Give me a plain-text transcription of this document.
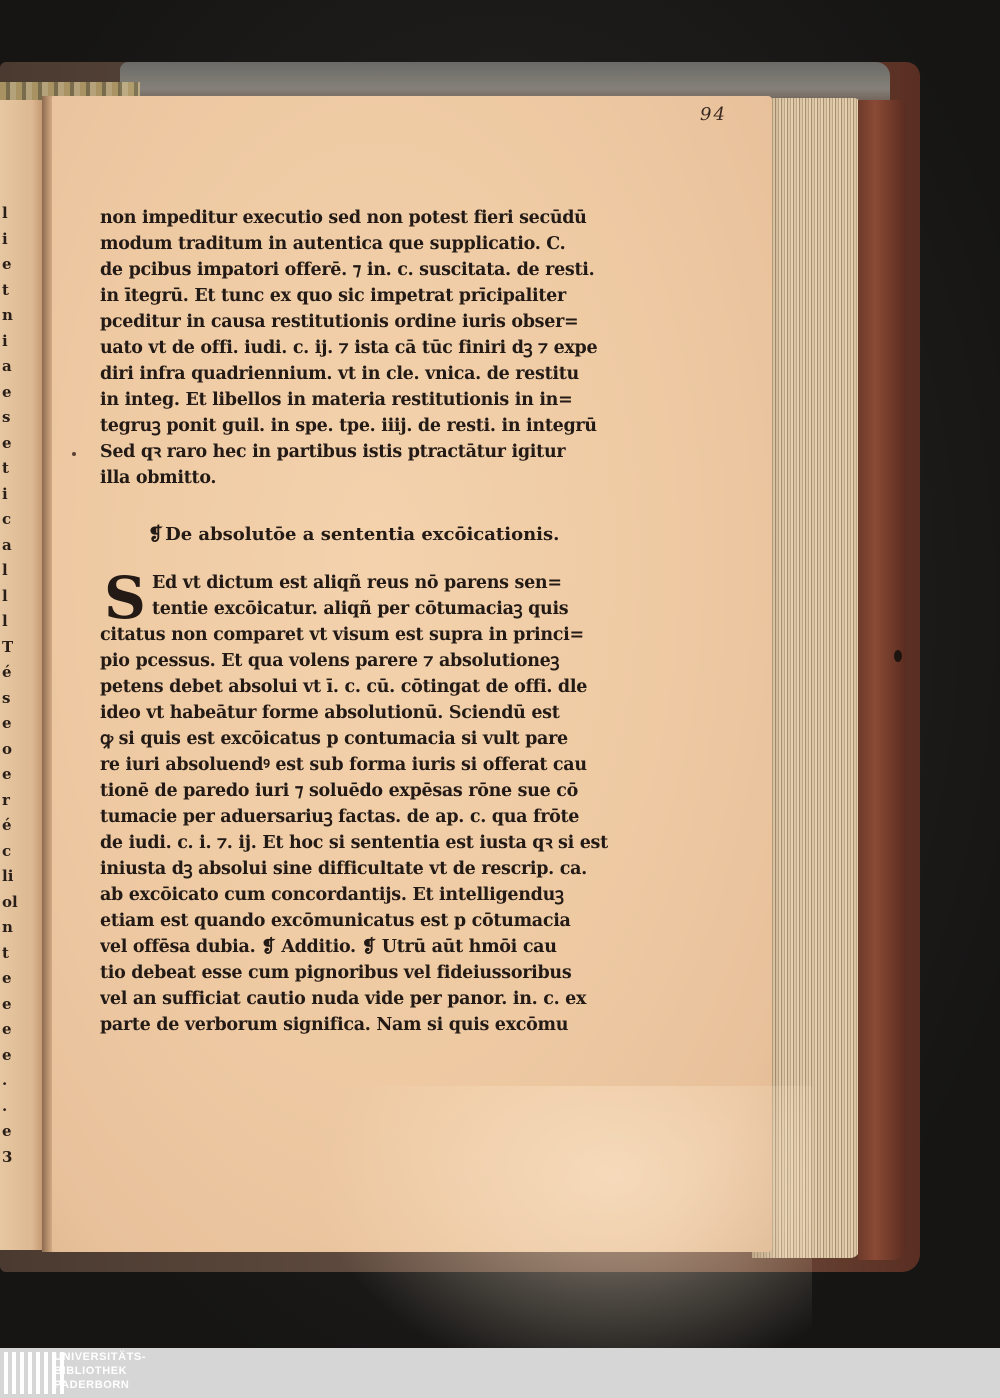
l
i
e
t
n
i
a
e
s
e
t
i
c
a
l
l
l
T
é
s
e
o
e
r
é
c
li
ol
n
t
e
e
e
e
.
.
e
3
94
non impeditur executio sed non potest fieri secūdū
modum traditum in autentica que supplicatio. C.
de pcibus impatori offerē. ⁊ in. c. suscitata. de resti.
in ītegrū. Et tunc ex quo sic impetrat prīcipaliter
pceditur in causa restitutionis ordine iuris obser=
uato vt de offi. iudi. c. ij. ⁊ ista cā tūc finiri dꝫ ⁊ expe
diri infra quadriennium. vt in cle. vnica. de restitu
in integ. Et libellos in materia restitutionis in in=
tegruꝫ ponit guil. in spe. tpe. iiij. de resti. in integrū
Sed qꝛ raro hec in partibus istis ptractātur igitur
illa obmitto.
❡ De absolutōe a sententia excōicationis.
S Ed vt dictum est aliqñ reus nō parens sen=
tentie excōicatur. aliqñ per cōtumaciaꝫ quis
citatus non comparet vt visum est supra in princi=
pio pcessus. Et qua volens parere ⁊ absolutioneꝫ
petens debet absolui vt ī. c. cū. cōtingat de offi. dle
ideo vt habeātur forme absolutionū. Sciendū est
ꝙ si quis est excōicatus p contumacia si vult pare
re iuri absoluendꝰ est sub forma iuris si offerat cau
tionē de paredo iuri ⁊ soluēdo expēsas rōne sue cō
tumacie per aduersariuꝫ factas. de ap. c. qua frōte
de iudi. c. i. ⁊. ij. Et hoc si sententia est iusta qꝛ si est
iniusta dꝫ absolui sine difficultate vt de rescrip. ca.
ab excōicato cum concordantijs. Et intelligenduꝫ
etiam est quando excōmunicatus est p cōtumacia
vel offēsa dubia. ❡ Additio. ❡ Utrū aūt hmōi cau
tio debeat esse cum pignoribus vel fideiussoribus
vel an sufficiat cautio nuda vide per panor. in. c. ex
parte de verborum significa. Nam si quis excōmu
UNIVERSITÄTS-
BIBLIOTHEK
PADERBORN
